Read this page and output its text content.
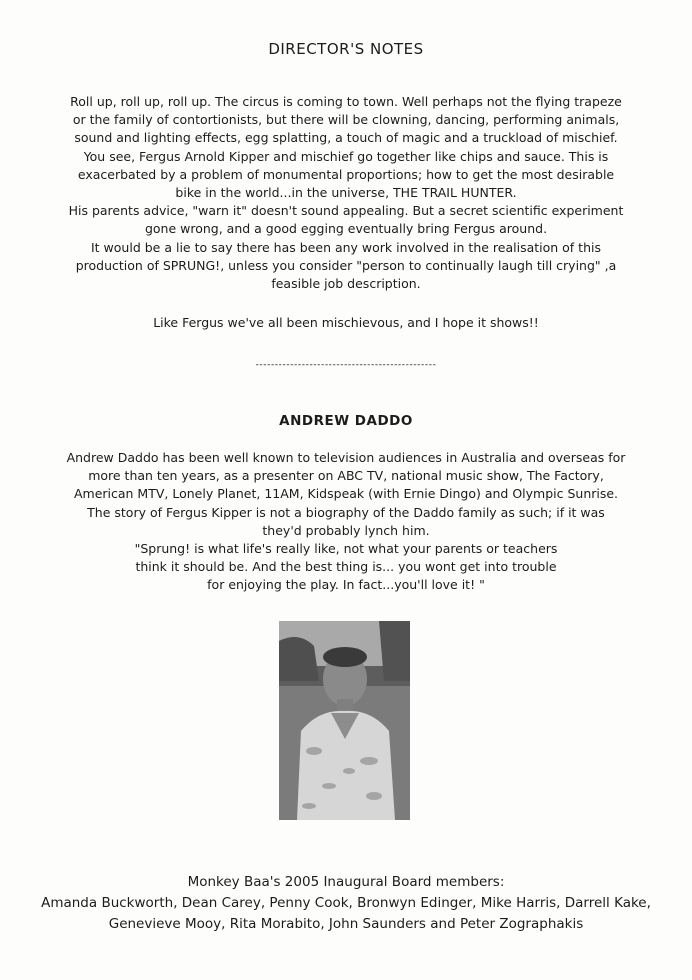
DIRECTOR'S NOTES
Roll up, roll up, roll up. The circus is coming to town. Well perhaps not the flying trapeze
or the family of contortionists, but there will be clowning, dancing, performing animals,
sound and lighting effects, egg splatting, a touch of magic and a truckload of mischief.
You see, Fergus Arnold Kipper and mischief go together like chips and sauce. This is
exacerbated by a problem of monumental proportions; how to get the most desirable
bike in the world...in the universe, THE TRAIL HUNTER.
His parents advice, "warn it" doesn't sound appealing. But a secret scientific experiment
gone wrong, and a good egging eventually bring Fergus around.
It would be a lie to say there has been any work involved in the realisation of this
production of SPRUNG!, unless you consider "person to continually laugh till crying" ,a
feasible job description.
Like Fergus we've all been mischievous, and I hope it shows!!
-----------------------------------------------
ANDREW DADDO
Andrew Daddo has been well known to television audiences in Australia and overseas for
more than ten years, as a presenter on ABC TV, national music show, The Factory,
American MTV, Lonely Planet, 11AM, Kidspeak (with Ernie Dingo) and Olympic Sunrise.
The story of Fergus Kipper is not a biography of the Daddo family as such; if it was
they'd probably lynch him.
"Sprung! is what life's really like, not what your parents or teachers
think it should be. And the best thing is... you wont get into trouble
for enjoying the play. In fact...you'll love it! "
Monkey Baa's 2005 Inaugural Board members:
Amanda Buckworth, Dean Carey, Penny Cook, Bronwyn Edinger, Mike Harris, Darrell Kake,
Genevieve Mooy, Rita Morabito, John Saunders and Peter Zographakis
